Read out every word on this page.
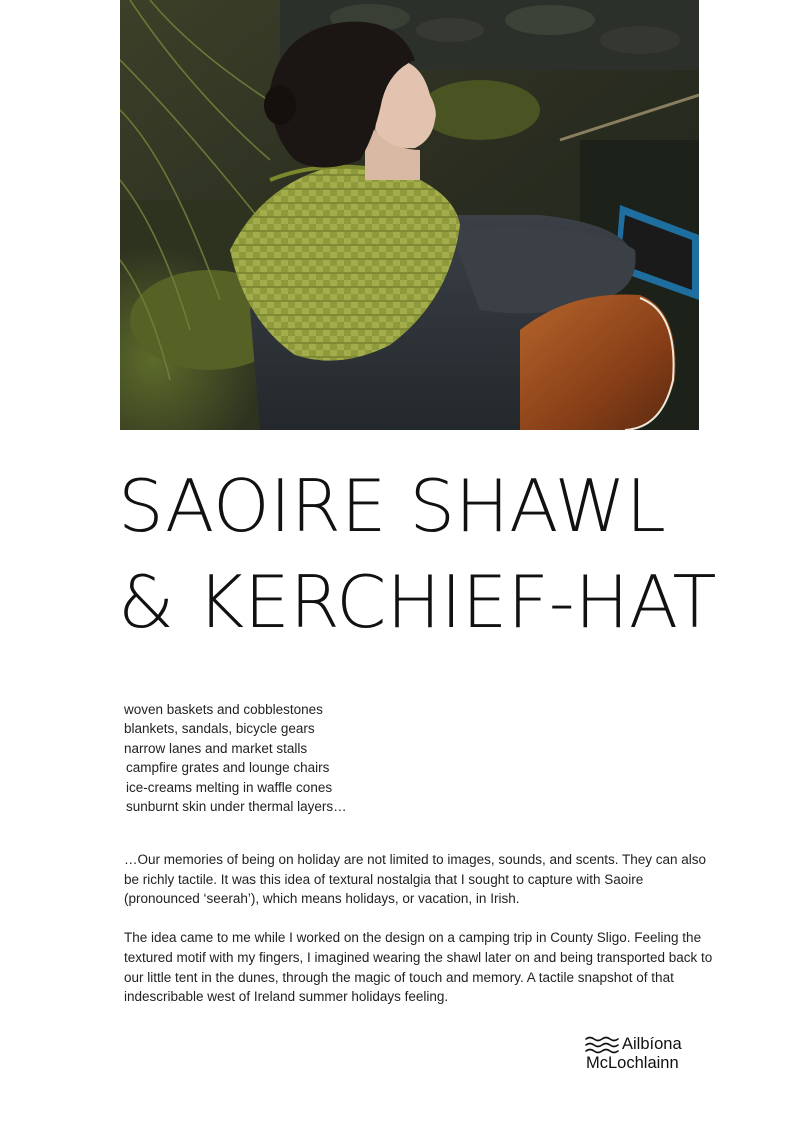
SAOIRE SHAWL
& KERCHIEF-HAT
woven baskets and cobblestones
blankets, sandals, bicycle gears
narrow lanes and market stalls
campfire grates and lounge chairs
ice-creams melting in waffle cones
sunburnt skin under thermal layers…

…Our memories of being on holiday are not limited to images, sounds, and scents. They can also be richly tactile. It was this idea of textural nostalgia that I sought to capture with Saoire (pronounced ‘seerah’), which means holidays, or vacation, in Irish.

The idea came to me while I worked on the design on a camping trip in County Sligo. Feeling the textured motif with my fingers, I imagined wearing the shawl later on and being transported back to our little tent in the dunes, through the magic of touch and memory. A tactile snapshot of that indescribable west of Ireland summer holidays feeling.

Ailbíona
McLochlainn
